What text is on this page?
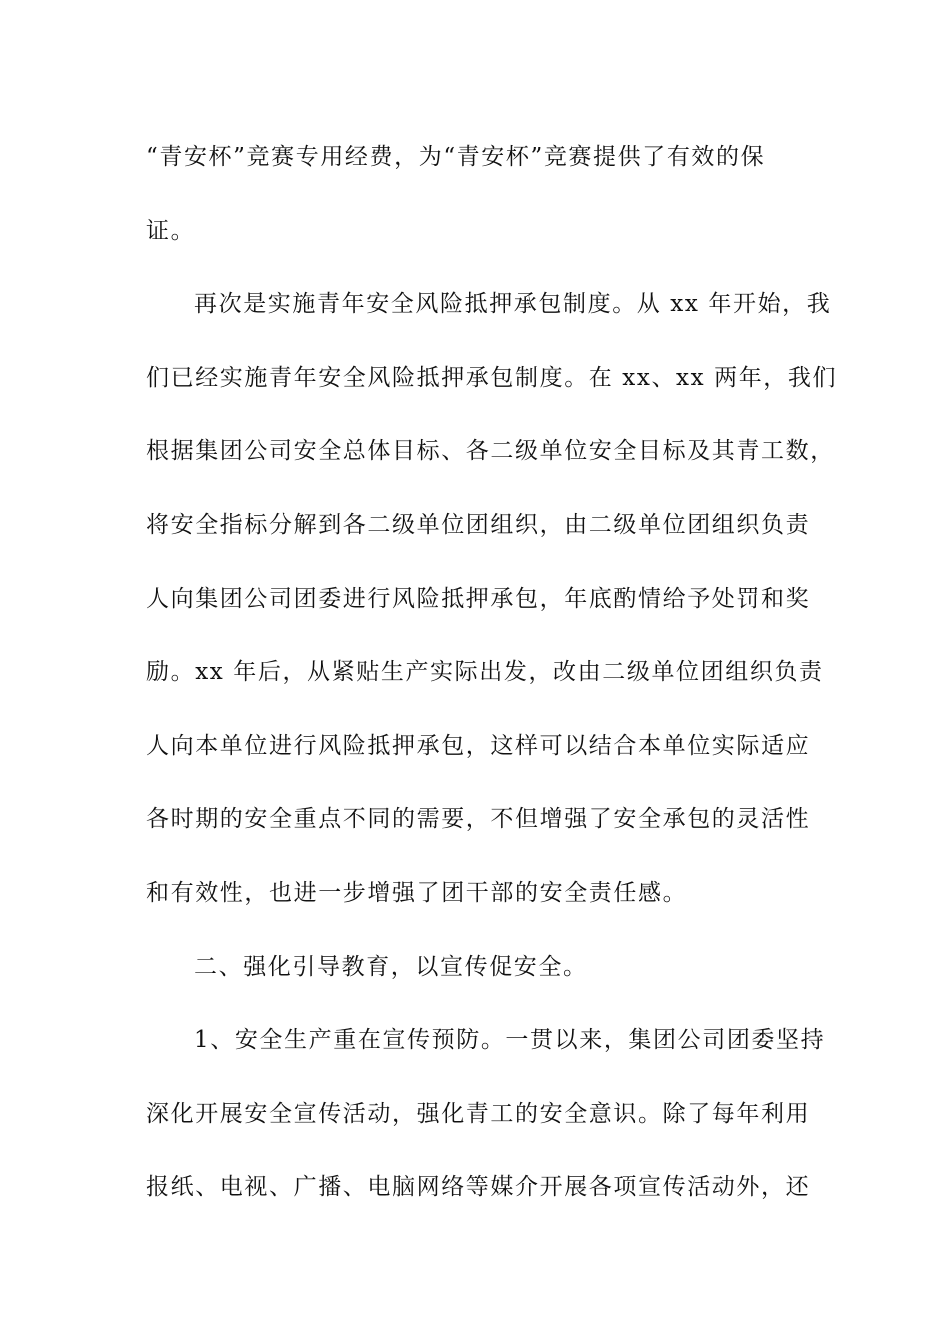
“青安杯”竞赛专用经费，为“青安杯”竞赛提供了有效的保
证。
再次是实施青年安全风险抵押承包制度。从 xx 年开始，我
们已经实施青年安全风险抵押承包制度。在 xx、xx 两年，我们
根据集团公司安全总体目标、各二级单位安全目标及其青工数，
将安全指标分解到各二级单位团组织，由二级单位团组织负责
人向集团公司团委进行风险抵押承包，年底酌情给予处罚和奖
励。xx 年后，从紧贴生产实际出发，改由二级单位团组织负责
人向本单位进行风险抵押承包，这样可以结合本单位实际适应
各时期的安全重点不同的需要，不但增强了安全承包的灵活性
和有效性，也进一步增强了团干部的安全责任感。
二、强化引导教育，以宣传促安全。
1、安全生产重在宣传预防。一贯以来，集团公司团委坚持
深化开展安全宣传活动，强化青工的安全意识。除了每年利用
报纸、电视、广播、电脑网络等媒介开展各项宣传活动外，还
